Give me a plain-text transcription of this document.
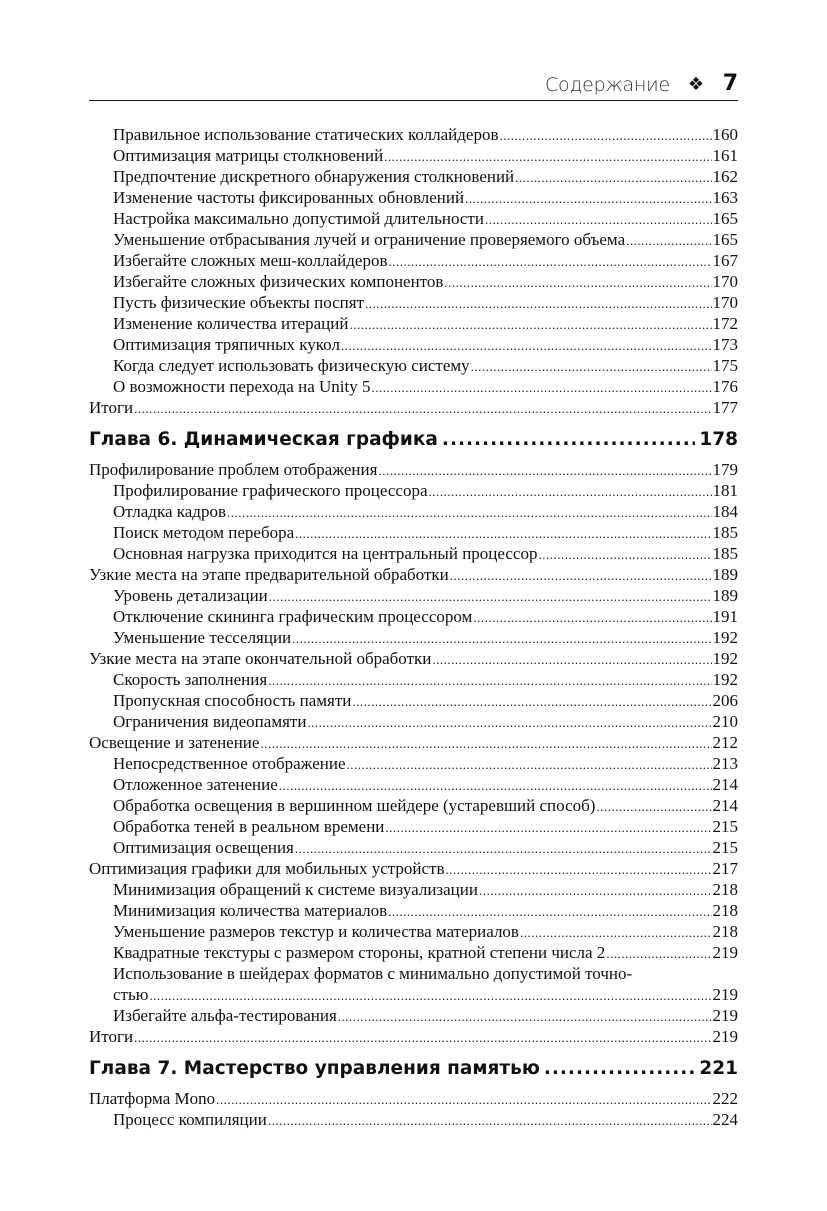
Содержание ❖ 7
Правильное использование статических коллайдеров .....	160
Оптимизация матрицы столкновений .....	161
Предпочтение дискретного обнаружения столкновений .....	162
Изменение частоты фиксированных обновлений .....	163
Настройка максимально допустимой длительности .....	165
Уменьшение отбрасывания лучей и ограничение проверяемого объема .....	165
Избегайте сложных меш-коллайдеров .....	167
Избегайте сложных физических компонентов .....	170
Пусть физические объекты поспят .....	170
Изменение количества итераций .....	172
Оптимизация тряпичных кукол .....	173
Когда следует использовать физическую систему .....	175
О возможности перехода на Unity 5 .....	176
Итоги .....	177
Глава 6. Динамическая графика .....	178
Профилирование проблем отображения .....	179
Профилирование графического процессора .....	181
Отладка кадров .....	184
Поиск методом перебора .....	185
Основная нагрузка приходится на центральный процессор .....	185
Узкие места на этапе предварительной обработки .....	189
Уровень детализации .....	189
Отключение скининга графическим процессором .....	191
Уменьшение тесселяции .....	192
Узкие места на этапе окончательной обработки .....	192
Скорость заполнения .....	192
Пропускная способность памяти .....	206
Ограничения видеопамяти .....	210
Освещение и затенение .....	212
Непосредственное отображение .....	213
Отложенное затенение .....	214
Обработка освещения в вершинном шейдере (устаревший способ) .....	214
Обработка теней в реальном времени .....	215
Оптимизация освещения .....	215
Оптимизация графики для мобильных устройств .....	217
Минимизация обращений к системе визуализации .....	218
Минимизация количества материалов .....	218
Уменьшение размеров текстур и количества материалов .....	218
Квадратные текстуры с размером стороны, кратной степени числа 2 .....	219
Использование в шейдерах форматов с минимально допустимой точно-
стью .....	219
Избегайте альфа-тестирования .....	219
Итоги .....	219
Глава 7. Мастерство управления памятью .....	221
Платформа Mono .....	222
Процесс компиляции .....	224
